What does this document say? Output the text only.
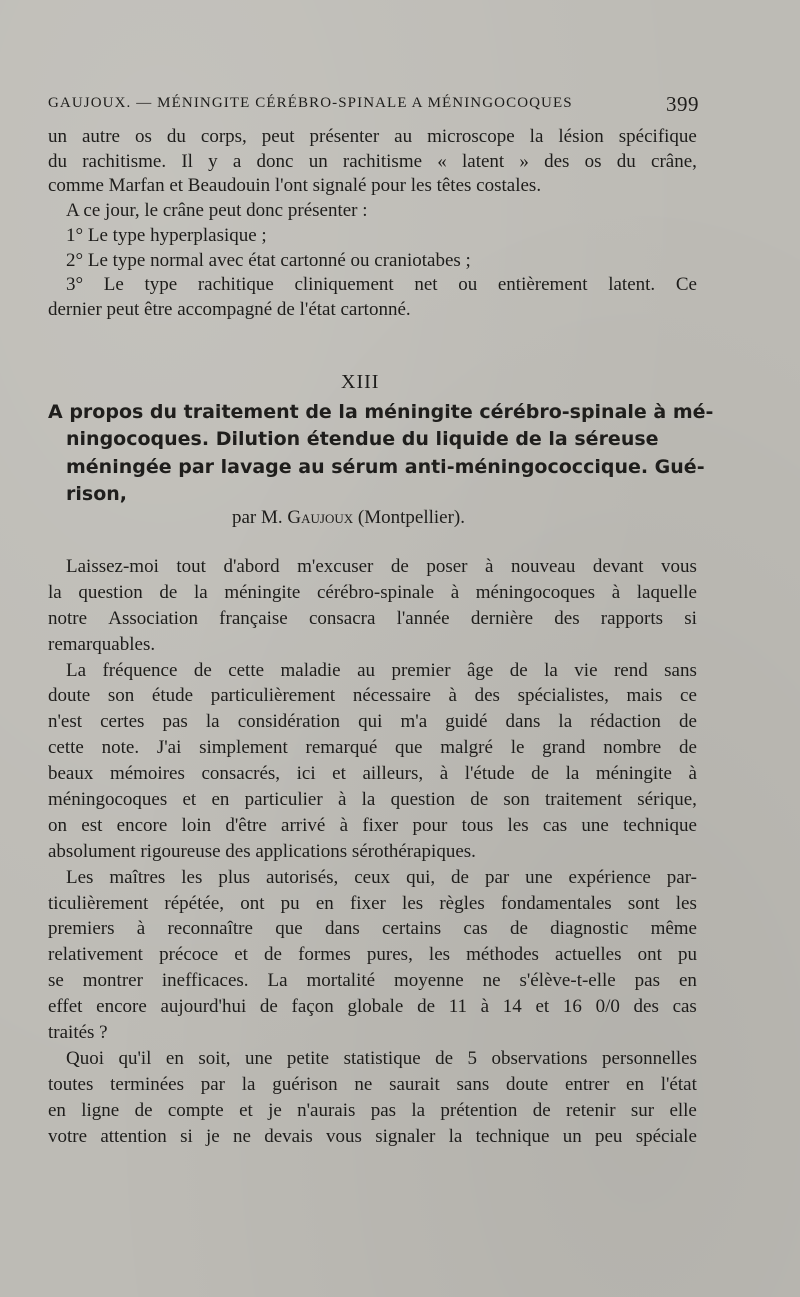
GAUJOUX. — MÉNINGITE CÉRÉBRO-SPINALE A MÉNINGOCOQUES	399
un autre os du corps, peut présenter au microscope la lésion spécifique
du rachitisme. Il y a donc un rachitisme « latent » des os du crâne,
comme Marfan et Beaudouin l'ont signalé pour les têtes costales.
A ce jour, le crâne peut donc présenter :
1° Le type hyperplasique ;
2° Le type normal avec état cartonné ou craniotabes ;
3° Le type rachitique cliniquement net ou entièrement latent. Ce
dernier peut être accompagné de l'état cartonné.
XIII
A propos du traitement de la méningite cérébro-spinale à mé-
ningocoques. Dilution étendue du liquide de la séreuse
méningée par lavage au sérum anti-méningococcique. Gué-
rison,
par M. Gaujoux (Montpellier).
Laissez-moi tout d'abord m'excuser de poser à nouveau devant vous
la question de la méningite cérébro-spinale à méningocoques à laquelle
notre Association française consacra l'année dernière des rapports si
remarquables.
La fréquence de cette maladie au premier âge de la vie rend sans
doute son étude particulièrement nécessaire à des spécialistes, mais ce
n'est certes pas la considération qui m'a guidé dans la rédaction de
cette note. J'ai simplement remarqué que malgré le grand nombre de
beaux mémoires consacrés, ici et ailleurs, à l'étude de la méningite à
méningocoques et en particulier à la question de son traitement sérique,
on est encore loin d'être arrivé à fixer pour tous les cas une technique
absolument rigoureuse des applications sérothérapiques.
Les maîtres les plus autorisés, ceux qui, de par une expérience par-
ticulièrement répétée, ont pu en fixer les règles fondamentales sont les
premiers à reconnaître que dans certains cas de diagnostic même
relativement précoce et de formes pures, les méthodes actuelles ont pu
se montrer inefficaces. La mortalité moyenne ne s'élève-t-elle pas en
effet encore aujourd'hui de façon globale de 11 à 14 et 16 0/0 des cas
traités ?
Quoi qu'il en soit, une petite statistique de 5 observations personnelles
toutes terminées par la guérison ne saurait sans doute entrer en l'état
en ligne de compte et je n'aurais pas la prétention de retenir sur elle
votre attention si je ne devais vous signaler la technique un peu spéciale
